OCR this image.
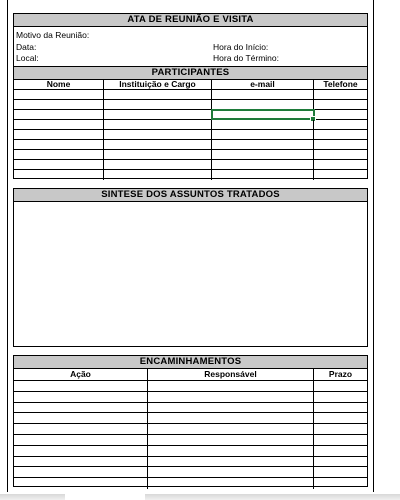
ATA DE REUNIÃO E VISITA
Motivo da Reunião:
Data:
Local:
Hora do Início:
Hora do Término:
PARTICIPANTES
Nome	Instituição e Cargo	e-mail	Telefone
SINTESE DOS ASSUNTOS TRATADOS
ENCAMINHAMENTOS
Ação	Responsável	Prazo
